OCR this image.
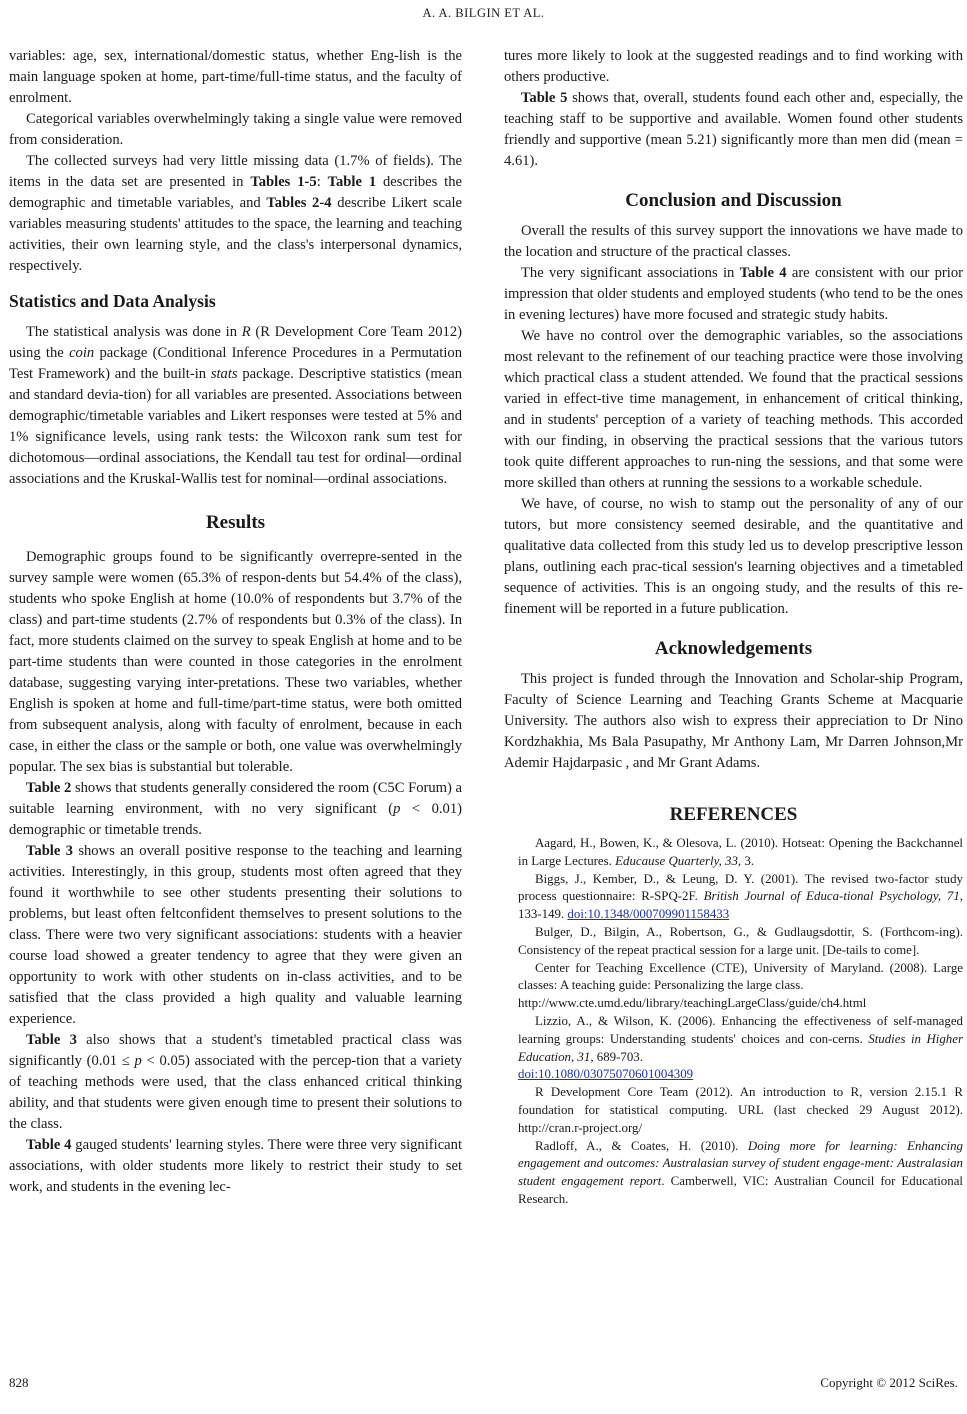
A. A. BILGIN ET AL.

variables: age, sex, international/domestic status, whether Eng-lish is the main language spoken at home, part-time/full-time status, and the faculty of enrolment.

Categorical variables overwhelmingly taking a single value were removed from consideration.

The collected surveys had very little missing data (1.7% of fields). The items in the data set are presented in Tables 1-5: Table 1 describes the demographic and timetable variables, and Tables 2-4 describe Likert scale variables measuring students' attitudes to the space, the learning and teaching activities, their own learning style, and the class's interpersonal dynamics, respectively.

Statistics and Data Analysis

The statistical analysis was done in R (R Development Core Team 2012) using the coin package (Conditional Inference Procedures in a Permutation Test Framework) and the built-in stats package. Descriptive statistics (mean and standard devia-tion) for all variables are presented. Associations between demographic/timetable variables and Likert responses were tested at 5% and 1% significance levels, using rank tests: the Wilcoxon rank sum test for dichotomous—ordinal associations, the Kendall tau test for ordinal—ordinal associations and the Kruskal-Wallis test for nominal—ordinal associations.

Results

Demographic groups found to be significantly overrepre-sented in the survey sample were women (65.3% of respon-dents but 54.4% of the class), students who spoke English at home (10.0% of respondents but 3.7% of the class) and part-time students (2.7% of respondents but 0.3% of the class). In fact, more students claimed on the survey to speak English at home and to be part-time students than were counted in those categories in the enrolment database, suggesting varying inter-pretations. These two variables, whether English is spoken at home and full-time/part-time status, were both omitted from subsequent analysis, along with faculty of enrolment, because in each case, in either the class or the sample or both, one value was overwhelmingly popular. The sex bias is substantial but tolerable.

Table 2 shows that students generally considered the room (C5C Forum) a suitable learning environment, with no very significant (p < 0.01) demographic or timetable trends.

Table 3 shows an overall positive response to the teaching and learning activities. Interestingly, in this group, students most often agreed that they found it worthwhile to see other students presenting their solutions to problems, but least often feltconfident themselves to present solutions to the class. There were two very significant associations: students with a heavier course load showed a greater tendency to agree that they were given an opportunity to work with other students on in-class activities, and to be satisfied that the class provided a high quality and valuable learning experience.

Table 3 also shows that a student's timetabled practical class was significantly (0.01 ≤ p < 0.05) associated with the percep-tion that a variety of teaching methods were used, that the class enhanced critical thinking ability, and that students were given enough time to present their solutions to the class.

Table 4 gauged students' learning styles. There were three very significant associations, with older students more likely to restrict their study to set work, and students in the evening lec-

tures more likely to look at the suggested readings and to find working with others productive.

Table 5 shows that, overall, students found each other and, especially, the teaching staff to be supportive and available. Women found other students friendly and supportive (mean 5.21) significantly more than men did (mean = 4.61).

Conclusion and Discussion

Overall the results of this survey support the innovations we have made to the location and structure of the practical classes.

The very significant associations in Table 4 are consistent with our prior impression that older students and employed students (who tend to be the ones in evening lectures) have more focused and strategic study habits.

We have no control over the demographic variables, so the associations most relevant to the refinement of our teaching practice were those involving which practical class a student attended. We found that the practical sessions varied in effect-tive time management, in enhancement of critical thinking, and in students' perception of a variety of teaching methods. This accorded with our finding, in observing the practical sessions that the various tutors took quite different approaches to run-ning the sessions, and that some were more skilled than others at running the sessions to a workable schedule.

We have, of course, no wish to stamp out the personality of any of our tutors, but more consistency seemed desirable, and the quantitative and qualitative data collected from this study led us to develop prescriptive lesson plans, outlining each prac-tical session's learning objectives and a timetabled sequence of activities. This is an ongoing study, and the results of this re-finement will be reported in a future publication.

Acknowledgements

This project is funded through the Innovation and Scholar-ship Program, Faculty of Science Learning and Teaching Grants Scheme at Macquarie University. The authors also wish to express their appreciation to Dr Nino Kordzhakhia, Ms Bala Pasupathy, Mr Anthony Lam, Mr Darren Johnson,Mr Ademir Hajdarpasic , and Mr Grant Adams.

REFERENCES

Aagard, H., Bowen, K., & Olesova, L. (2010). Hotseat: Opening the Backchannel in Large Lectures. Educause Quarterly, 33, 3.

Biggs, J., Kember, D., & Leung, D. Y. (2001). The revised two-factor study process questionnaire: R-SPQ-2F. British Journal of Educa-tional Psychology, 71, 133-149. doi:10.1348/000709901158433

Bulger, D., Bilgin, A., Robertson, G., & Gudlaugsdottir, S. (Forthcom-ing). Consistency of the repeat practical session for a large unit. [De-tails to come].

Center for Teaching Excellence (CTE), University of Maryland. (2008). Large classes: A teaching guide: Personalizing the large class.
http://www.cte.umd.edu/library/teachingLargeClass/guide/ch4.html

Lizzio, A., & Wilson, K. (2006). Enhancing the effectiveness of self-managed learning groups: Understanding students' choices and con-cerns. Studies in Higher Education, 31, 689-703.
doi:10.1080/03075070601004309

R Development Core Team (2012). An introduction to R, version 2.15.1 R foundation for statistical computing. URL (last checked 29 August 2012). http://cran.r-project.org/

Radloff, A., & Coates, H. (2010). Doing more for learning: Enhancing engagement and outcomes: Australasian survey of student engage-ment: Australasian student engagement report. Camberwell, VIC: Australian Council for Educational Research.

828	Copyright © 2012 SciRes.
